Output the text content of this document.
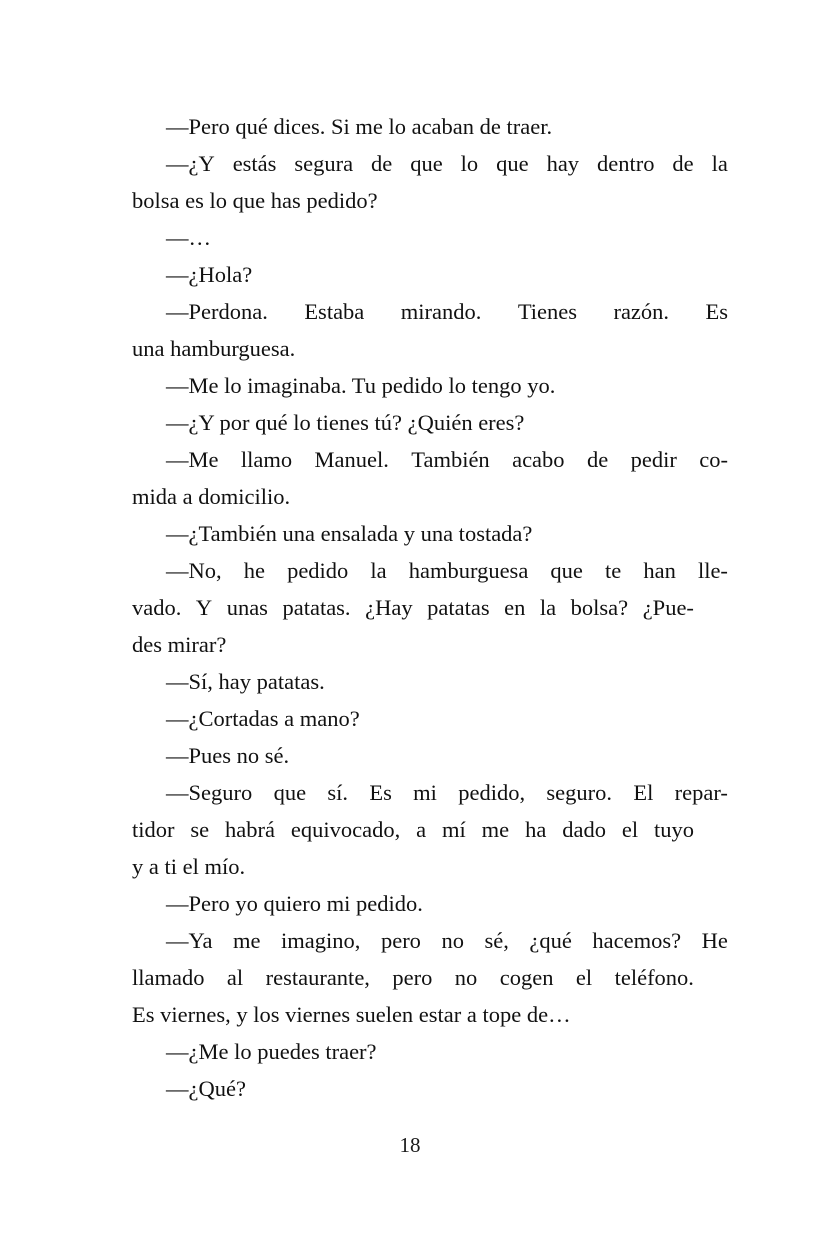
—Pero qué dices. Si me lo acaban de traer.

—¿Y estás segura de que lo que hay dentro de la
bolsa es lo que has pedido?

—…

—¿Hola?

—Perdona. Estaba mirando. Tienes razón. Es
una hamburguesa.

—Me lo imaginaba. Tu pedido lo tengo yo.

—¿Y por qué lo tienes tú? ¿Quién eres?

—Me llamo Manuel. También acabo de pedir co-
mida a domicilio.

—¿También una ensalada y una tostada?

—No, he pedido la hamburguesa que te han lle-
vado. Y unas patatas. ¿Hay patatas en la bolsa? ¿Pue-
des mirar?

—Sí, hay patatas.

—¿Cortadas a mano?

—Pues no sé.

—Seguro que sí. Es mi pedido, seguro. El repar-
tidor se habrá equivocado, a mí me ha dado el tuyo
y a ti el mío.

—Pero yo quiero mi pedido.

—Ya me imagino, pero no sé, ¿qué hacemos? He
llamado al restaurante, pero no cogen el teléfono.
Es viernes, y los viernes suelen estar a tope de…

—¿Me lo puedes traer?

—¿Qué?

18
